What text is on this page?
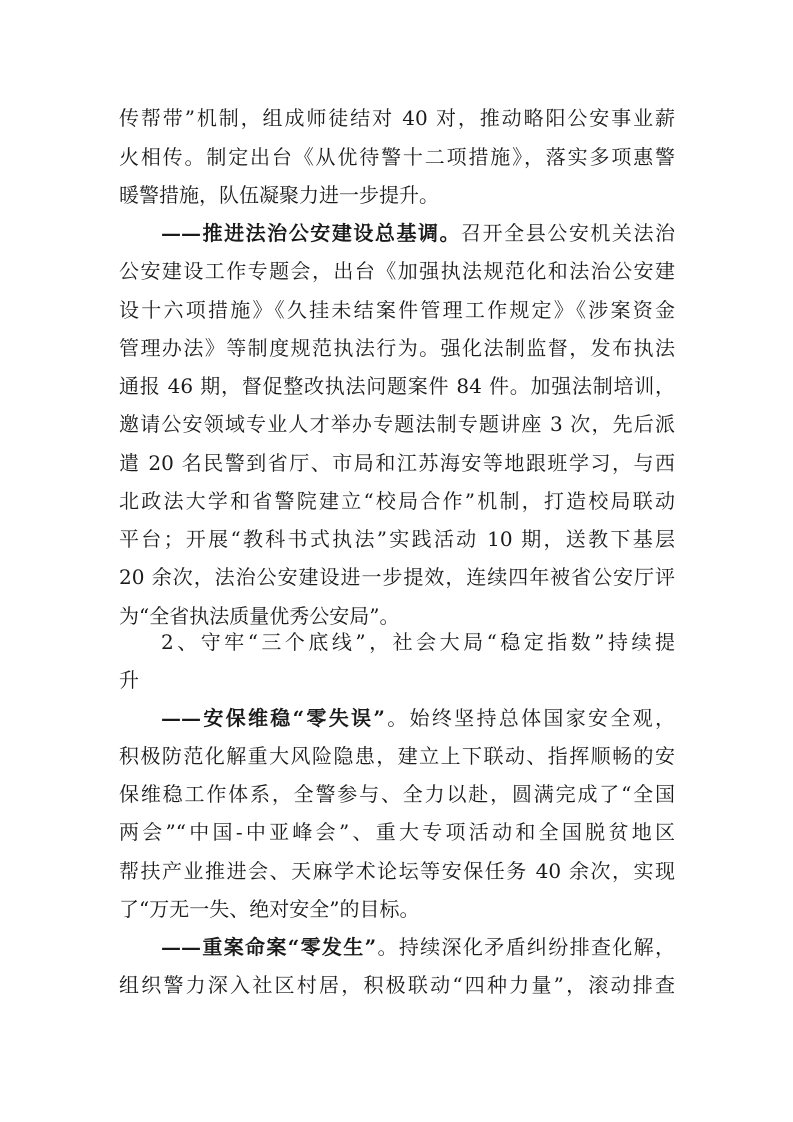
传帮带”机制，组成师徒结对 40 对，推动略阳公安事业薪
火相传。制定出台《从优待警十二项措施》，落实多项惠警
暖警措施，队伍凝聚力进一步提升。
——推进法治公安建设总基调。召开全县公安机关法治
公安建设工作专题会，出台《加强执法规范化和法治公安建
设十六项措施》《久挂未结案件管理工作规定》《涉案资金
管理办法》等制度规范执法行为。强化法制监督，发布执法
通报 46 期，督促整改执法问题案件 84 件。加强法制培训，
邀请公安领域专业人才举办专题法制专题讲座 3 次，先后派
遣 20 名民警到省厅、市局和江苏海安等地跟班学习，与西
北政法大学和省警院建立“校局合作”机制，打造校局联动
平台；开展“教科书式执法”实践活动 10 期，送教下基层
20 余次，法治公安建设进一步提效，连续四年被省公安厅评
为“全省执法质量优秀公安局”。
2、守牢“三个底线”，社会大局“稳定指数”持续提
升
——安保维稳“零失误”。始终坚持总体国家安全观，
积极防范化解重大风险隐患，建立上下联动、指挥顺畅的安
保维稳工作体系，全警参与、全力以赴，圆满完成了“全国
两会”“中国-中亚峰会”、重大专项活动和全国脱贫地区
帮扶产业推进会、天麻学术论坛等安保任务 40 余次，实现
了“万无一失、绝对安全”的目标。
——重案命案“零发生”。持续深化矛盾纠纷排查化解，
组织警力深入社区村居，积极联动“四种力量”，滚动排查
